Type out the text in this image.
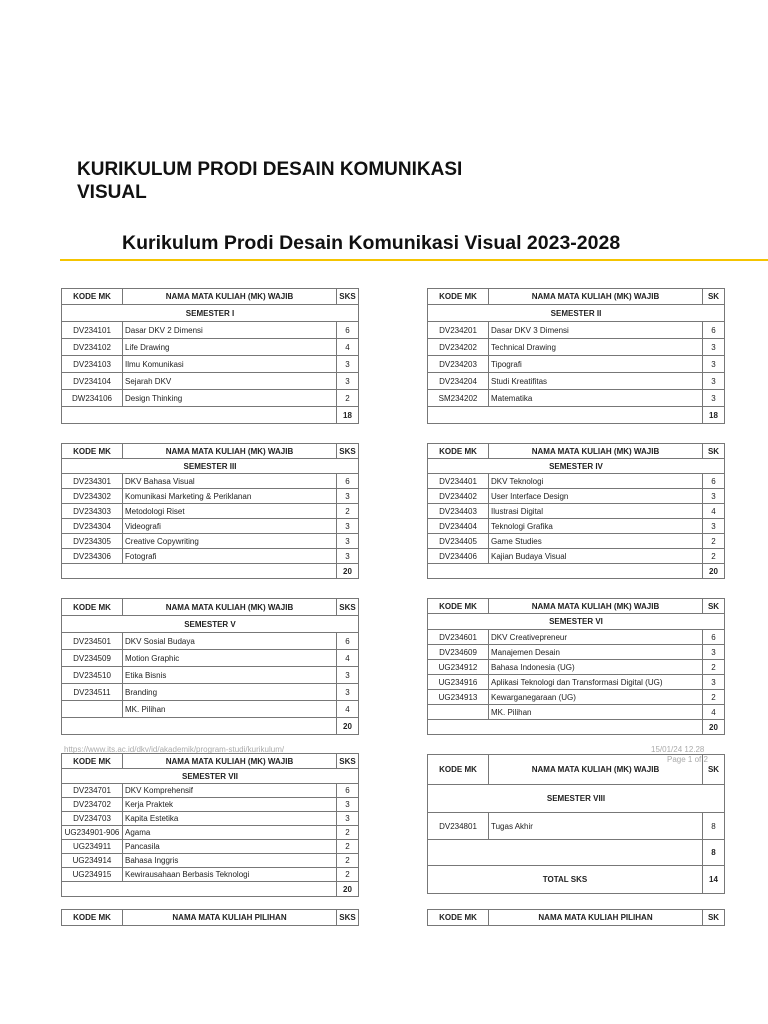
KURIKULUM PRODI DESAIN KOMUNIKASI VISUAL
Kurikulum Prodi Desain Komunikasi Visual 2023-2028
KODE MK	NAMA MATA KULIAH (MK) WAJIB	SKS
SEMESTER I		
DV234101	Dasar DKV 2 Dimensi	6
DV234102	Life Drawing	4
DV234103	Ilmu Komunikasi	3
DV234104	Sejarah DKV	3
DW234106	Design Thinking	2
		18
KODE MK	NAMA MATA KULIAH (MK) WAJIB	SK
SEMESTER II		
DV234201	Dasar DKV 3 Dimensi	6
DV234202	Technical Drawing	3
DV234203	Tipografi	3
DV234204	Studi Kreatifitas	3
SM234202	Matematika	3
		18
KODE MK	NAMA MATA KULIAH (MK) WAJIB	SKS
SEMESTER III		
DV234301	DKV Bahasa Visual	6
DV234302	Komunikasi Marketing & Periklanan	3
DV234303	Metodologi Riset	2
DV234304	Videografi	3
DV234305	Creative Copywriting	3
DV234306	Fotografi	3
		20
KODE MK	NAMA MATA KULIAH (MK) WAJIB	SK
SEMESTER IV		
DV234401	DKV Teknologi	6
DV234402	User Interface Design	3
DV234403	Ilustrasi Digital	4
DV234404	Teknologi Grafika	3
DV234405	Game Studies	2
DV234406	Kajian Budaya Visual	2
		20
KODE MK	NAMA MATA KULIAH (MK) WAJIB	SKS
SEMESTER V		
DV234501	DKV Sosial Budaya	6
DV234509	Motion Graphic	4
DV234510	Etika Bisnis	3
DV234511	Branding	3
	MK. Pilihan	4
		20
KODE MK	NAMA MATA KULIAH (MK) WAJIB	SK
SEMESTER VI		
DV234601	DKV Creativepreneur	6
DV234609	Manajemen Desain	3
UG234912	Bahasa Indonesia (UG)	2
UG234916	Aplikasi Teknologi dan Transformasi Digital (UG)	3
UG234913	Kewarganegaraan (UG)	2
	MK. Pilihan	4
		20
https://www.its.ac.id/dkv/id/akademik/program-studi/kurikulum/	15/01/24 12.28
Page 1 of 2
KODE MK	NAMA MATA KULIAH (MK) WAJIB	SKS
SEMESTER VII		
DV234701	DKV Komprehensif	6
DV234702	Kerja Praktek	3
DV234703	Kapita Estetika	3
UG234901-906	Agama	2
UG234911	Pancasila	2
UG234914	Bahasa Inggris	2
UG234915	Kewirausahaan Berbasis Teknologi	2
		20
KODE MK	NAMA MATA KULIAH (MK) WAJIB	SK
SEMESTER VIII		
DV234801	Tugas Akhir	8
		8
TOTAL SKS		14
KODE MK	NAMA MATA KULIAH PILIHAN	SKS	KODE MK	NAMA MATA KULIAH PILIHAN	SK
